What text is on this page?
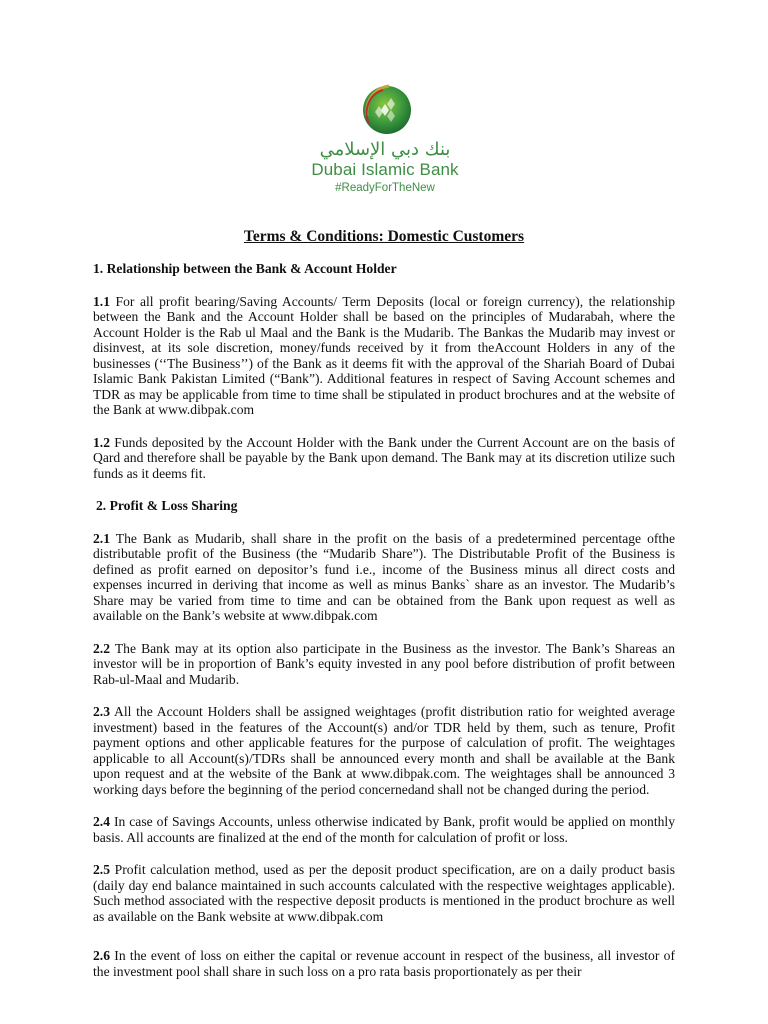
بنك دبي الإسلامي
Dubai Islamic Bank
#ReadyForTheNew
Terms & Conditions: Domestic Customers
1. Relationship between the Bank & Account Holder

1.1 For all profit bearing/Saving Accounts/ Term Deposits (local or foreign currency), the relationship between the Bank and the Account Holder shall be based on the principles of Mudarabah, where the Account Holder is the Rab ul Maal and the Bank is the Mudarib. The Bankas the Mudarib may invest or disinvest, at its sole discretion, money/funds received by it from theAccount Holders in any of the businesses (‘‘The Business’’) of the Bank as it deems fit with the approval of the Shariah Board of Dubai Islamic Bank Pakistan Limited (“Bank”). Additional features in respect of Saving Account schemes and TDR as may be applicable from time to time shall be stipulated in product brochures and at the website of the Bank at www.dibpak.com

1.2 Funds deposited by the Account Holder with the Bank under the Current Account are on the basis of Qard and therefore shall be payable by the Bank upon demand. The Bank may at its discretion utilize such funds as it deems fit.

2. Profit & Loss Sharing

2.1 The Bank as Mudarib, shall share in the profit on the basis of a predetermined percentage ofthe distributable profit of the Business (the “Mudarib Share”). The Distributable Profit of the Business is defined as profit earned on depositor’s fund i.e., income of the Business minus all direct costs and expenses incurred in deriving that income as well as minus Banks` share as an investor. The Mudarib’s Share may be varied from time to time and can be obtained from the Bank upon request as well as available on the Bank’s website at www.dibpak.com

2.2 The Bank may at its option also participate in the Business as the investor. The Bank’s Shareas an investor will be in proportion of Bank’s equity invested in any pool before distribution of profit between Rab-ul-Maal and Mudarib.

2.3 All the Account Holders shall be assigned weightages (profit distribution ratio for weighted average investment) based in the features of the Account(s) and/or TDR held by them, such as tenure, Profit payment options and other applicable features for the purpose of calculation of profit. The weightages applicable to all Account(s)/TDRs shall be announced every month and shall be available at the Bank upon request and at the website of the Bank at www.dibpak.com. The weightages shall be announced 3 working days before the beginning of the period concernedand shall not be changed during the period.

2.4 In case of Savings Accounts, unless otherwise indicated by Bank, profit would be applied on monthly basis. All accounts are finalized at the end of the month for calculation of profit or loss.

2.5 Profit calculation method, used as per the deposit product specification, are on a daily product basis (daily day end balance maintained in such accounts calculated with the respective weightages applicable). Such method associated with the respective deposit products is mentioned in the product brochure as well as available on the Bank website at www.dibpak.com

2.6 In the event of loss on either the capital or revenue account in respect of the business, all investor of the investment pool shall share in such loss on a pro rata basis proportionately as per their
